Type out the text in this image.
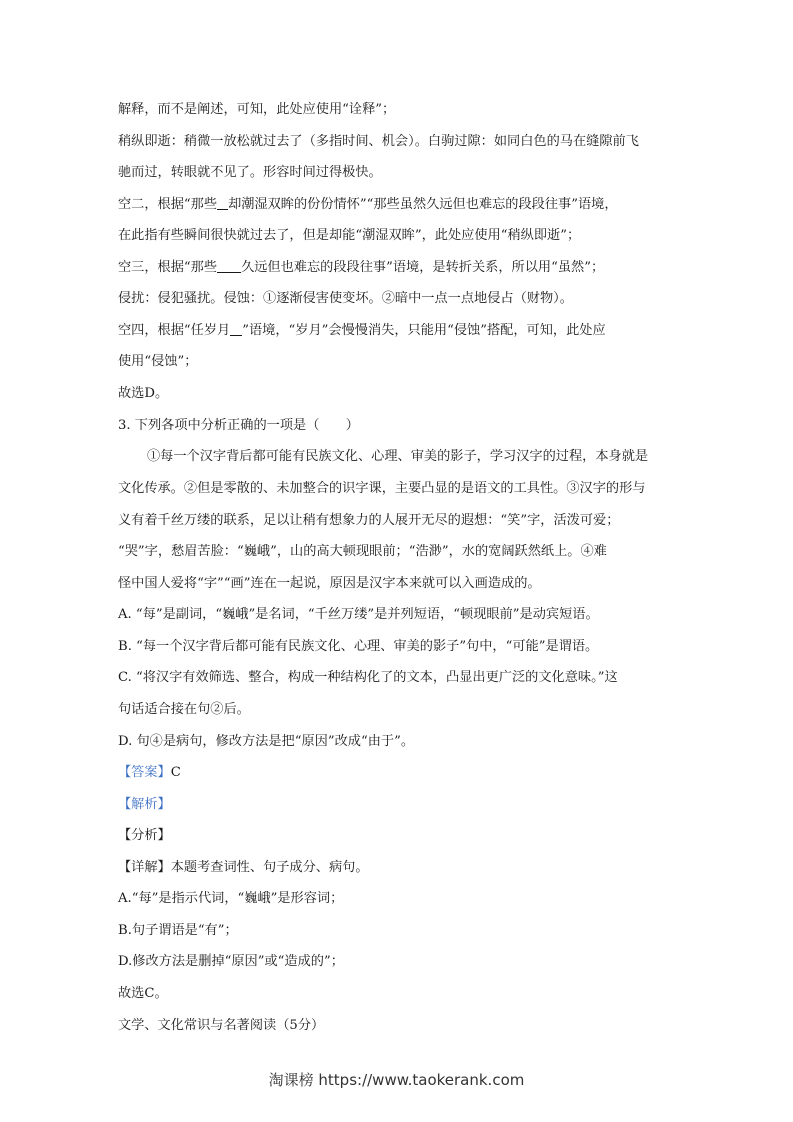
解释，而不是阐述，可知，此处应使用“诠释”；
稍纵即逝：稍微一放松就过去了（多指时间、机会）。白驹过隙：如同白色的马在缝隙前飞
驰而过，转眼就不见了。形容时间过得极快。
空二，根据“那些 却潮湿双眸的份份情怀”“那些虽然久远但也难忘的段段往事”语境，
在此指有些瞬间很快就过去了，但是却能“潮湿双眸”，此处应使用“稍纵即逝”；
空三，根据“那些 久远但也难忘的段段往事”语境，是转折关系，所以用“虽然”；
侵扰：侵犯骚扰。侵蚀：①逐渐侵害使变坏。②暗中一点一点地侵占（财物）。
空四，根据“任岁月 ”语境，“岁月”会慢慢消失，只能用“侵蚀”搭配，可知，此处应
使用“侵蚀”；
故选D。
3. 下列各项中分析正确的一项是（　　）
①每一个汉字背后都可能有民族文化、心理、审美的影子，学习汉字的过程，本身就是
文化传承。②但是零散的、未加整合的识字课，主要凸显的是语文的工具性。③汉字的形与
义有着千丝万缕的联系，足以让稍有想象力的人展开无尽的遐想：“笑”字，活泼可爱；
“哭”字，愁眉苦脸：“巍峨”，山的高大顿现眼前；“浩渺”，水的宽阔跃然纸上。④难
怪中国人爱将“字”“画”连在一起说，原因是汉字本来就可以入画造成的。
A. “每”是副词，“巍峨”是名词，“千丝万缕”是并列短语，“顿现眼前”是动宾短语。
B. “每一个汉字背后都可能有民族文化、心理、审美的影子”句中，“可能”是谓语。
C. “将汉字有效筛选、整合，构成一种结构化了的文本，凸显出更广泛的文化意味。”这
句话适合接在句②后。
D. 句④是病句，修改方法是把“原因”改成“由于”。
【答案】C
【解析】
【分析】
【详解】本题考查词性、句子成分、病句。
A.“每”是指示代词，“巍峨”是形容词；
B.句子谓语是“有”；
D.修改方法是删掉“原因”或“造成的”；
故选C。
文学、文化常识与名著阅读（5分）
淘课榜 https://www.taokerank.com
